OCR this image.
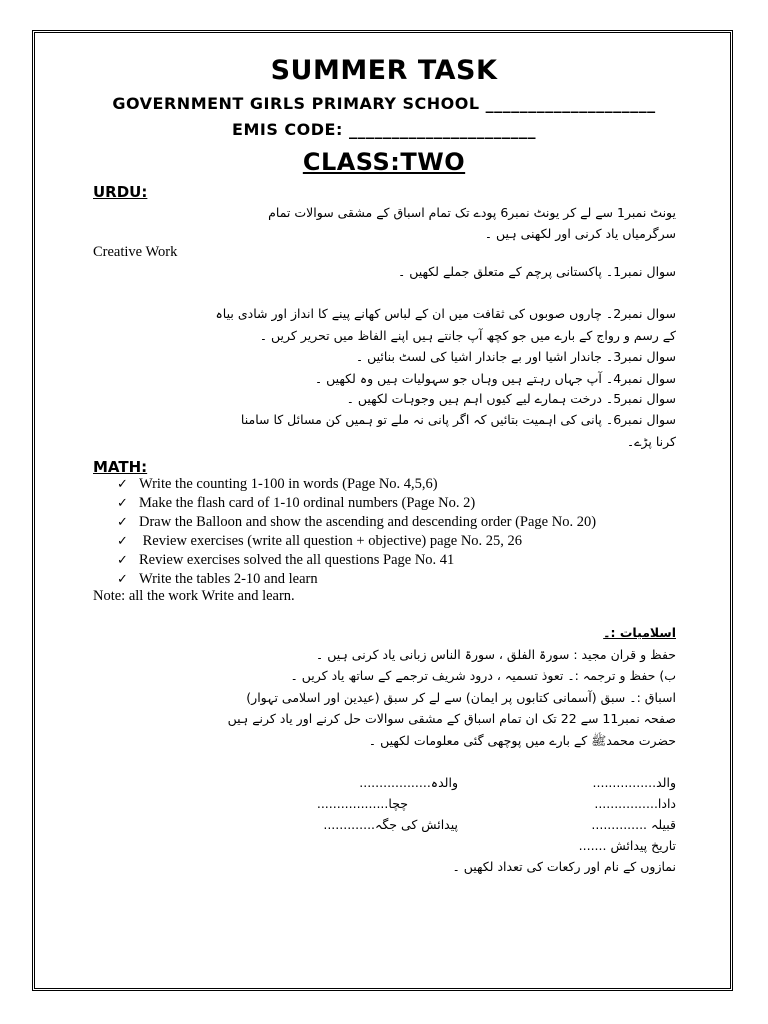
SUMMER TASK
GOVERNMENT GIRLS PRIMARY SCHOOL ____________________
EMIS CODE: ______________________
CLASS:TWO
URDU:
یونٹ نمبر1 سے لے کر یونٹ نمبر6 پودے تک تمام اسباق کے مشقی سوالات تمام
سرگرمیاں یاد کرنی اور لکھنی ہیں ۔
Creative Work
سوال نمبر1۔ پاکستانی پرچم کے متعلق جملے لکھیں ۔
سوال نمبر2۔ چاروں صوبوں کی ثقافت میں ان کے لباس کھانے پینے کا انداز اور شادی بیاہ
کے رسم و رواج کے بارے میں جو کچھ آپ جانتے ہیں اپنے الفاظ میں تحریر کریں ۔
سوال نمبر3۔ جاندار اشیا اور بے جاندار اشیا کی لسٹ بنائیں ۔
سوال نمبر4۔ آپ جہاں رہتے ہیں وہاں جو سہولیات ہیں وہ لکھیں ۔
سوال نمبر5۔ درخت ہمارے لیے کیوں اہم ہیں وجوہات لکھیں ۔
سوال نمبر6۔ پانی کی اہمیت بتائیں کہ اگر پانی نہ ملے تو ہمیں کن مسائل کا سامنا
کرنا پڑے۔
MATH:
✓ Write the counting 1-100 in words (Page No. 4,5,6)
✓ Make the flash card of 1-10 ordinal numbers (Page No. 2)
✓ Draw the Balloon and show the ascending and descending order (Page No. 20)
✓ Review exercises (write all question + objective) page No. 25, 26
✓ Review exercises solved the all questions Page No. 41
✓ Write the tables 2-10 and learn
Note: all the work Write and learn.
اسلامیات :۔
حفظ و قران مجید : سورۃ الفلق ، سورۃ الناس زبانی یاد کرنی ہیں ۔
ب) حفظ و ترجمہ :۔ تعوذ تسمیہ ، درود شریف ترجمے کے ساتھ یاد کریں ۔
اسباق :۔ سبق (آسمانی کتابوں پر ایمان) سے لے کر سبق (عیدین اور اسلامی تہوار)
صفحہ نمبر11 سے 22 تک ان تمام اسباق کے مشقی سوالات حل کرنے اور یاد کرنے ہیں
حضرت محمدﷺ کے بارے میں پوچھی گئی معلومات لکھیں ۔
والد................
والدہ..................
دادا................
چچا..................
قبیلہ ..............
پیدائش کی جگہ.............
تاریخ پیدائش .......
نمازوں کے نام اور رکعات کی تعداد لکھیں ۔
